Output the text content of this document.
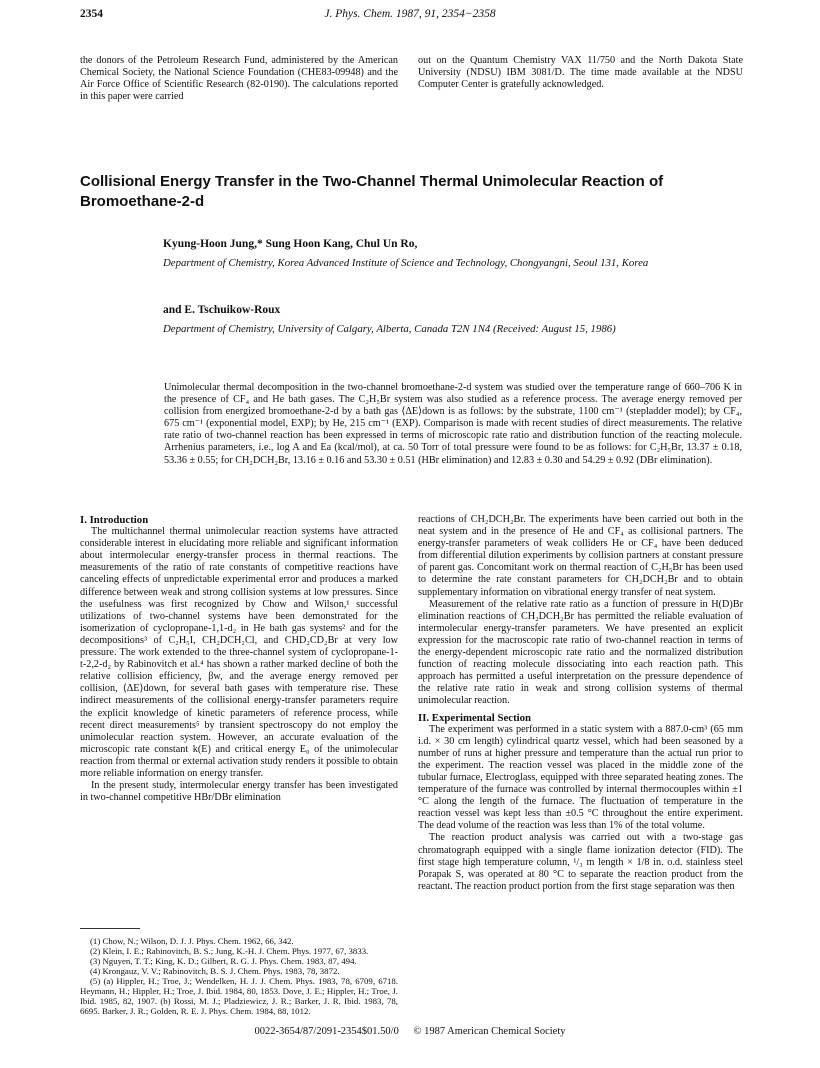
2354	J. Phys. Chem. 1987, 91, 2354−2358

the donors of the Petroleum Research Fund, administered by the American Chemical Society, the National Science Foundation (CHE83-09948) and the Air Force Office of Scientific Research (82-0190). The calculations reported in this paper were carried

out on the Quantum Chemistry VAX 11/750 and the North Dakota State University (NDSU) IBM 3081/D. The time made available at the NDSU Computer Center is gratefully acknowledged.

Collisional Energy Transfer in the Two-Channel Thermal Unimolecular Reaction of
Bromoethane-2-d
Kyung-Hoon Jung,* Sung Hoon Kang, Chul Un Ro,
Department of Chemistry, Korea Advanced Institute of Science and Technology, Chongyangni, Seoul 131, Korea
and E. Tschuikow-Roux
Department of Chemistry, University of Calgary, Alberta, Canada T2N 1N4 (Received: August 15, 1986)
Unimolecular thermal decomposition in the two-channel bromoethane-2-d system was studied over the temperature range of 660–706 K in the presence of CF₄ and He bath gases. The C₂H₅Br system was also studied as a reference process. The average energy removed per collision from energized bromoethane-2-d by a bath gas ⟨ΔE⟩down is as follows: by the substrate, 1100 cm⁻¹ (stepladder model); by CF₄, 675 cm⁻¹ (exponential model, EXP); by He, 215 cm⁻¹ (EXP). Comparison is made with recent studies of direct measurements. The relative rate ratio of two-channel reaction has been expressed in terms of microscopic rate ratio and distribution function of the reacting molecule. Arrhenius parameters, i.e., log A and Ea (kcal/mol), at ca. 50 Torr of total pressure were found to be as follows: for C₂H₅Br, 13.37 ± 0.18, 53.36 ± 0.55; for CH₂DCH₂Br, 13.16 ± 0.16 and 53.30 ± 0.51 (HBr elimination) and 12.83 ± 0.30 and 54.29 ± 0.92 (DBr elimination).

I. Introduction

The multichannel thermal unimolecular reaction systems have attracted considerable interest in elucidating more reliable and significant information about intermolecular energy-transfer process in thermal reactions. The measurements of the ratio of rate constants of competitive reactions have canceling effects of unpredictable experimental error and produces a marked difference between weak and strong collision systems at low pressures. Since the usefulness was first recognized by Chow and Wilson,¹ successful utilizations of two-channel systems have been demonstrated for the isomerization of cyclopropane-1,1-d₂ in He bath gas systems² and for the decompositions³ of C₂H₅I, CH₂DCH₂Cl, and CHD₂CD₂Br at very low pressure. The work extended to the three-channel system of cyclopropane-1-t-2,2-d₂ by Rabinovitch et al.⁴ has shown a rather marked decline of both the relative collision efficiency, βw, and the average energy removed per collision, ⟨ΔE⟩down, for several bath gases with temperature rise. These indirect measurements of the collisional energy-transfer parameters require the explicit knowledge of kinetic parameters of reference process, while recent direct measurements⁵ by transient spectroscopy do not employ the unimolecular reaction system. However, an accurate evaluation of the microscopic rate constant k(E) and critical energy E₀ of the unimolecular reaction from thermal or external activation study renders it possible to obtain more reliable information on energy transfer.

In the present study, intermolecular energy transfer has been investigated in two-channel competitive HBr/DBr elimination

(1) Chow, N.; Wilson, D. J. J. Phys. Chem. 1962, 66, 342.

(2) Klein, I. E.; Rabinovitch, B. S.; Jung, K.-H. J. Chem. Phys. 1977, 67, 3833.

(3) Nguyen, T. T.; King, K. D.; Gilbert, R. G. J. Phys. Chem. 1983, 87, 494.

(4) Krongauz, V. V.; Rabinovitch, B. S. J. Chem. Phys. 1983, 78, 3872.

(5) (a) Hippler, H.; Troe, J.; Wendelken, H. J. J. Chem. Phys. 1983, 78, 6709, 6718. Heymann, H.; Hippler, H.; Troe, J. Ibid. 1984, 80, 1853. Dove, J. E.; Hippler, H.; Troe, J. Ibid. 1985, 82, 1907. (b) Rossi, M. J.; Pladziewicz, J. R.; Barker, J. R. Ibid. 1983, 78, 6695. Barker, J. R.; Golden, R. E. J. Phys. Chem. 1984, 88, 1012.

reactions of CH₂DCH₂Br. The experiments have been carried out both in the neat system and in the presence of He and CF₄ as collisional partners. The energy-transfer parameters of weak colliders He or CF₄ have been deduced from differential dilution experiments by collision partners at constant pressure of parent gas. Concomitant work on thermal reaction of C₂H₅Br has been used to determine the rate constant parameters for CH₂DCH₂Br and to obtain supplementary information on vibrational energy transfer of neat system.

Measurement of the relative rate ratio as a function of pressure in H(D)Br elimination reactions of CH₂DCH₂Br has permitted the reliable evaluation of intermolecular energy-transfer parameters. We have presented an explicit expression for the macroscopic rate ratio of two-channel reaction in terms of the energy-dependent microscopic rate ratio and the normalized distribution function of reacting molecule dissociating into each reaction path. This approach has permitted a useful interpretation on the pressure dependence of the relative rate ratio in weak and strong collision systems of thermal unimolecular reaction.

II. Experimental Section

The experiment was performed in a static system with a 887.0-cm³ (65 mm i.d. × 30 cm length) cylindrical quartz vessel, which had been seasoned by a number of runs at higher pressure and temperature than the actual run prior to the experiment. The reaction vessel was placed in the middle zone of the tubular furnace, Electroglass, equipped with three separated heating zones. The temperature of the furnace was controlled by internal thermocouples within ±1 °C along the length of the furnace. The fluctuation of temperature in the reaction vessel was kept less than ±0.5 °C throughout the entire experiment. The dead volume of the reaction was less than 1% of the total volume.

The reaction product analysis was carried out with a two-stage gas chromatograph equipped with a single flame ionization detector (FID). The first stage high temperature column, ¹/₃ m length × 1/8 in. o.d. stainless steel Porapak S, was operated at 80 °C to separate the reaction product from the reactant. The reaction product portion from the first stage separation was then

0022-3654/87/2091-2354$01.50/0 © 1987 American Chemical Society
